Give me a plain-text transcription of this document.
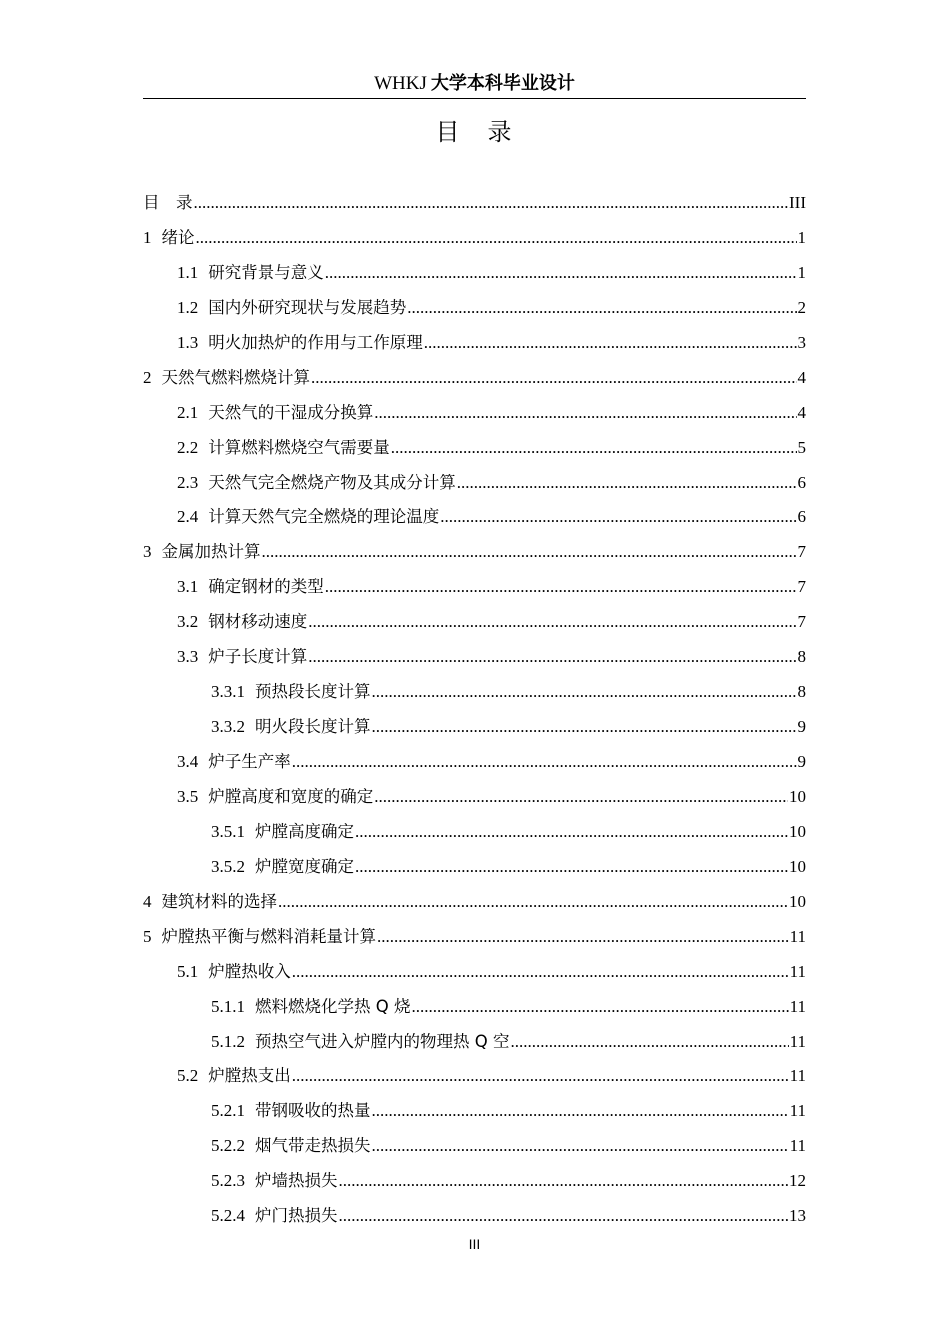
WHKJ 大学本科毕业设计
目　录
目　录 .....	III
1 绪论 .....	1
1.1 研究背景与意义 .....	1
1.2 国内外研究现状与发展趋势 .....	2
1.3 明火加热炉的作用与工作原理 .....	3
2 天然气燃料燃烧计算 .....	4
2.1 天然气的干湿成分换算 .....	4
2.2 计算燃料燃烧空气需要量 .....	5
2.3 天然气完全燃烧产物及其成分计算 .....	6
2.4 计算天然气完全燃烧的理论温度 .....	6
3 金属加热计算 .....	7
3.1 确定钢材的类型 .....	7
3.2 钢材移动速度 .....	7
3.3 炉子长度计算 .....	8
3.3.1 预热段长度计算 .....	8
3.3.2 明火段长度计算 .....	9
3.4 炉子生产率 .....	9
3.5 炉膛高度和宽度的确定 .....	10
3.5.1 炉膛高度确定 .....	10
3.5.2 炉膛宽度确定 .....	10
4 建筑材料的选择 .....	10
5 炉膛热平衡与燃料消耗量计算 .....	11
5.1 炉膛热收入 .....	11
5.1.1 燃料燃烧化学热 Q 烧 .....	11
5.1.2 预热空气进入炉膛内的物理热 Q 空 .....	11
5.2 炉膛热支出 .....	11
5.2.1 带钢吸收的热量 .....	11
5.2.2 烟气带走热损失 .....	11
5.2.3 炉墙热损失 .....	12
5.2.4 炉门热损失 .....	13
III
